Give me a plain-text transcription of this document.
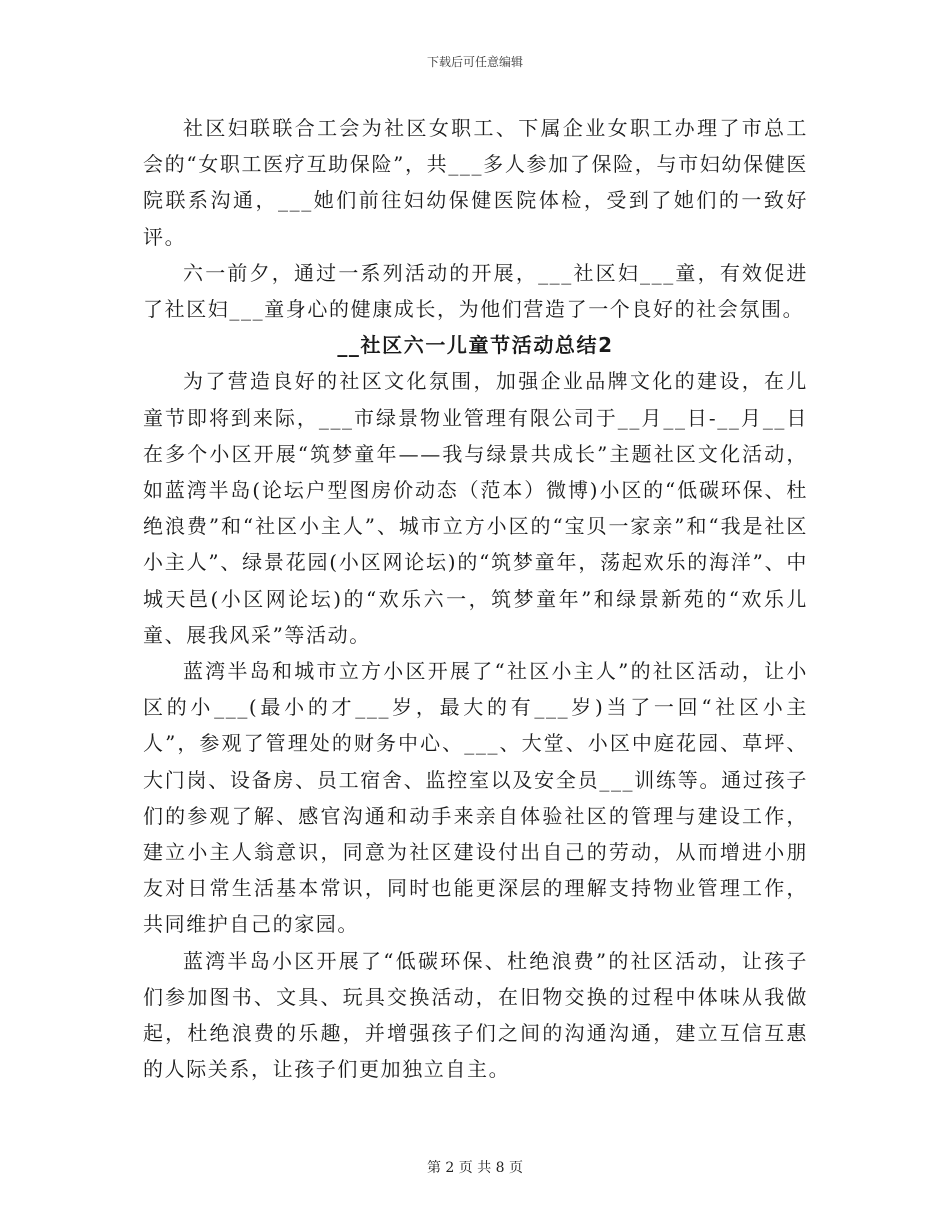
下载后可任意编辑

社区妇联联合工会为社区女职工、下属企业女职工办理了市总工会的“女职工医疗互助保险”，共___多人参加了保险，与市妇幼保健医院联系沟通，___她们前往妇幼保健医院体检，受到了她们的一致好评。

六一前夕，通过一系列活动的开展，___社区妇___童，有效促进了社区妇___童身心的健康成长，为他们营造了一个良好的社会氛围。

__社区六一儿童节活动总结2

为了营造良好的社区文化氛围，加强企业品牌文化的建设，在儿童节即将到来际，___市绿景物业管理有限公司于__月__日-__月__日在多个小区开展“筑梦童年——我与绿景共成长”主题社区文化活动，如蓝湾半岛(论坛户型图房价动态（范本）微博)小区的“低碳环保、杜绝浪费”和“社区小主人”、城市立方小区的“宝贝一家亲”和“我是社区小主人”、绿景花园(小区网论坛)的“筑梦童年，荡起欢乐的海洋”、中城天邑(小区网论坛)的“欢乐六一，筑梦童年”和绿景新苑的“欢乐儿童、展我风采”等活动。

蓝湾半岛和城市立方小区开展了“社区小主人”的社区活动，让小区的小___(最小的才___岁，最大的有___岁)当了一回“社区小主人”，参观了管理处的财务中心、___、大堂、小区中庭花园、草坪、大门岗、设备房、员工宿舍、监控室以及安全员___训练等。通过孩子们的参观了解、感官沟通和动手来亲自体验社区的管理与建设工作，建立小主人翁意识，同意为社区建设付出自己的劳动，从而增进小朋友对日常生活基本常识，同时也能更深层的理解支持物业管理工作，共同维护自己的家园。

蓝湾半岛小区开展了“低碳环保、杜绝浪费”的社区活动，让孩子们参加图书、文具、玩具交换活动，在旧物交换的过程中体味从我做起，杜绝浪费的乐趣，并增强孩子们之间的沟通沟通，建立互信互惠的人际关系，让孩子们更加独立自主。

第 2 页 共 8 页
